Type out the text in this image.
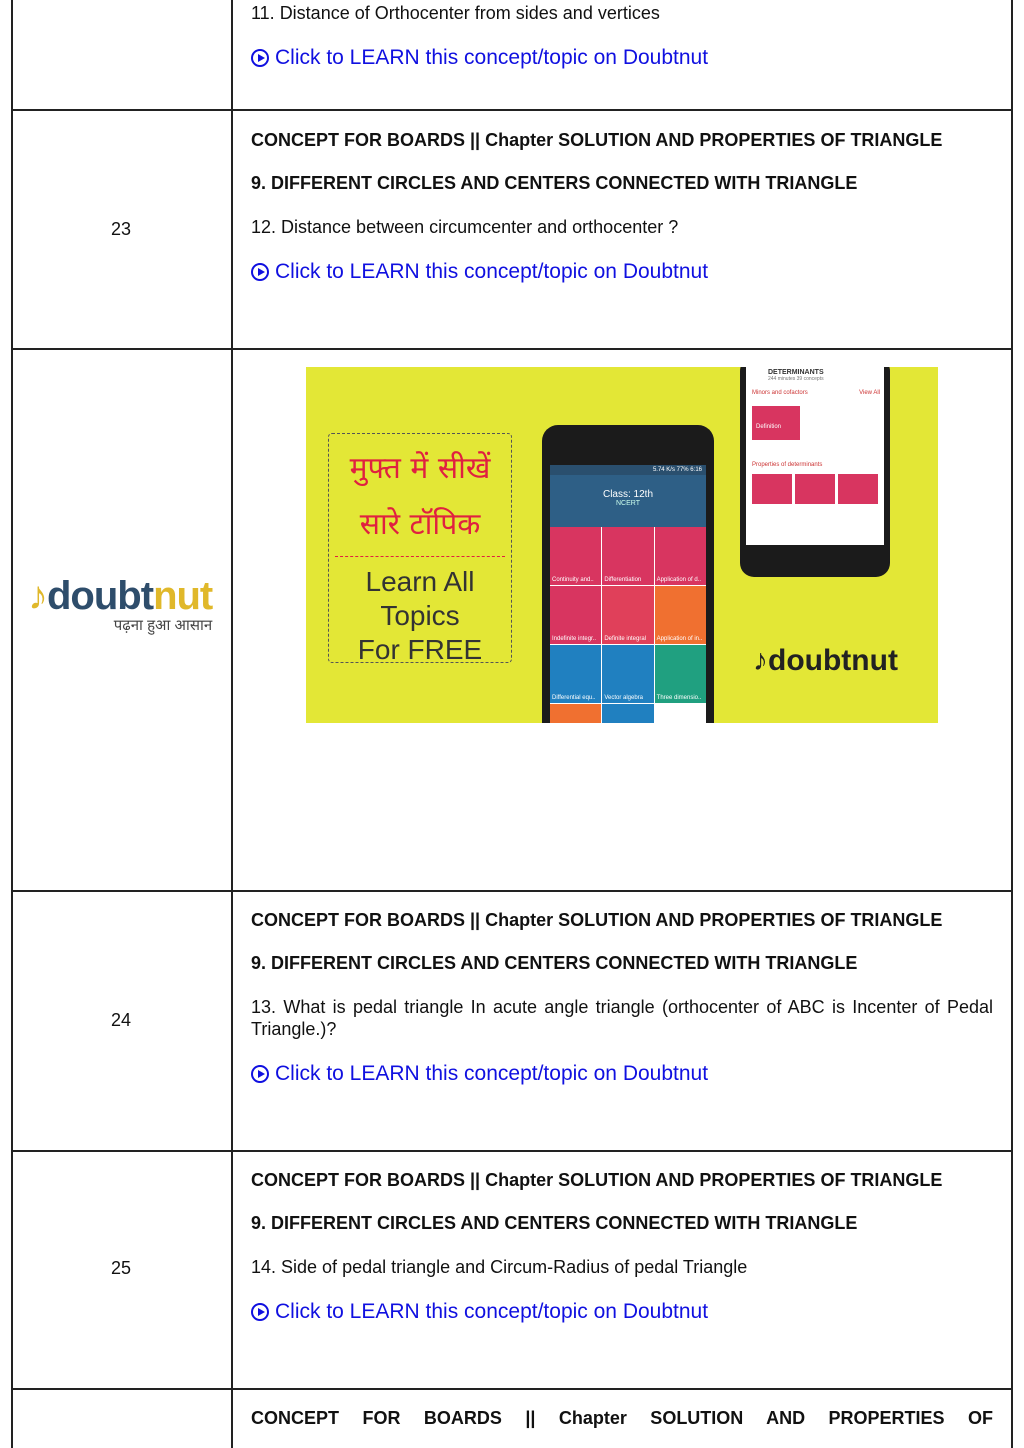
11. Distance of Orthocenter from sides and vertices

Click to LEARN this concept/topic on Doubtnut

23

CONCEPT FOR BOARDS || Chapter SOLUTION AND PROPERTIES OF TRIANGLE

9. DIFFERENT CIRCLES AND CENTERS CONNECTED WITH TRIANGLE

12. Distance between circumcenter and orthocenter ?

Click to LEARN this concept/topic on Doubtnut

♪doubtnut
पढ़ना हुआ आसान
मुफ्त में सीखें
सारे टॉपिक
Learn All
Topics
For FREE
5.74 K/s 77% 6:16
Class: 12th
NCERT
Continuity and.. Differentiation	Application of d..
Indefinite integr.. Definite integral Application of in..
Differential equ.. Vector algebra Three dimensio..
DETERMINANTS
244 minutes 39 concepts
Minors and cofactors	View All
Definition
Properties of determinants
♪doubtnut
24

CONCEPT FOR BOARDS || Chapter SOLUTION AND PROPERTIES OF TRIANGLE

9. DIFFERENT CIRCLES AND CENTERS CONNECTED WITH TRIANGLE

13. What is pedal triangle In acute angle triangle (orthocenter of ABC is Incenter of Pedal Triangle.)?

Click to LEARN this concept/topic on Doubtnut

25

CONCEPT FOR BOARDS || Chapter SOLUTION AND PROPERTIES OF TRIANGLE

9. DIFFERENT CIRCLES AND CENTERS CONNECTED WITH TRIANGLE

14. Side of pedal triangle and Circum-Radius of pedal Triangle

Click to LEARN this concept/topic on Doubtnut

CONCEPT FOR BOARDS || Chapter SOLUTION AND PROPERTIES OF
